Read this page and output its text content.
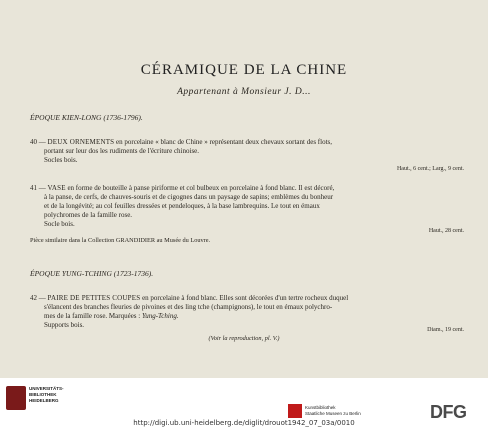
CÉRAMIQUE DE LA CHINE
Appartenant à Monsieur J. D...
ÉPOQUE KIEN-LONG (1736-1796).

40 — DEUX ORNEMENTS en porcelaine « blanc de Chine » représentant deux chevaux sortant des flots,

portant sur leur dos les rudiments de l'écriture chinoise.

Socles bois.

Haut., 6 cent.; Larg., 9 cent.

41 — VASE en forme de bouteille à panse piriforme et col bulbeux en porcelaine à fond blanc. Il est décoré,

à la panse, de cerfs, de chauves-souris et de cigognes dans un paysage de sapins; emblèmes du bonheur

et de la longévité; au col feuilles dressées et pendeloques, à la base lambrequins. Le tout en émaux

polychromes de la famille rose.

Socle bois.

Haut., 28 cent.
Pièce similaire dans la Collection GRANDIDIER au Musée du Louvre.
ÉPOQUE YUNG-TCHING (1723-1736).

42 — PAIRE DE PETITES COUPES en porcelaine à fond blanc. Elles sont décorées d'un tertre rocheux duquel

s'élancent des branches fleuries de pivoines et des ling tche (champignons), le tout en émaux polychro-

mes de la famille rose. Marquées : Yung-Tching.

Supports bois.

Diam., 19 cent.
(Voir la reproduction, pl. V.)
UNIVERSITÄTS-
BIBLIOTHEK
HEIDELBERG
Kunstbibliothek
Staatliche Museen zu Berlin	DFG
http://digi.ub.uni-heidelberg.de/diglit/drouot1942_07_03a/0010
